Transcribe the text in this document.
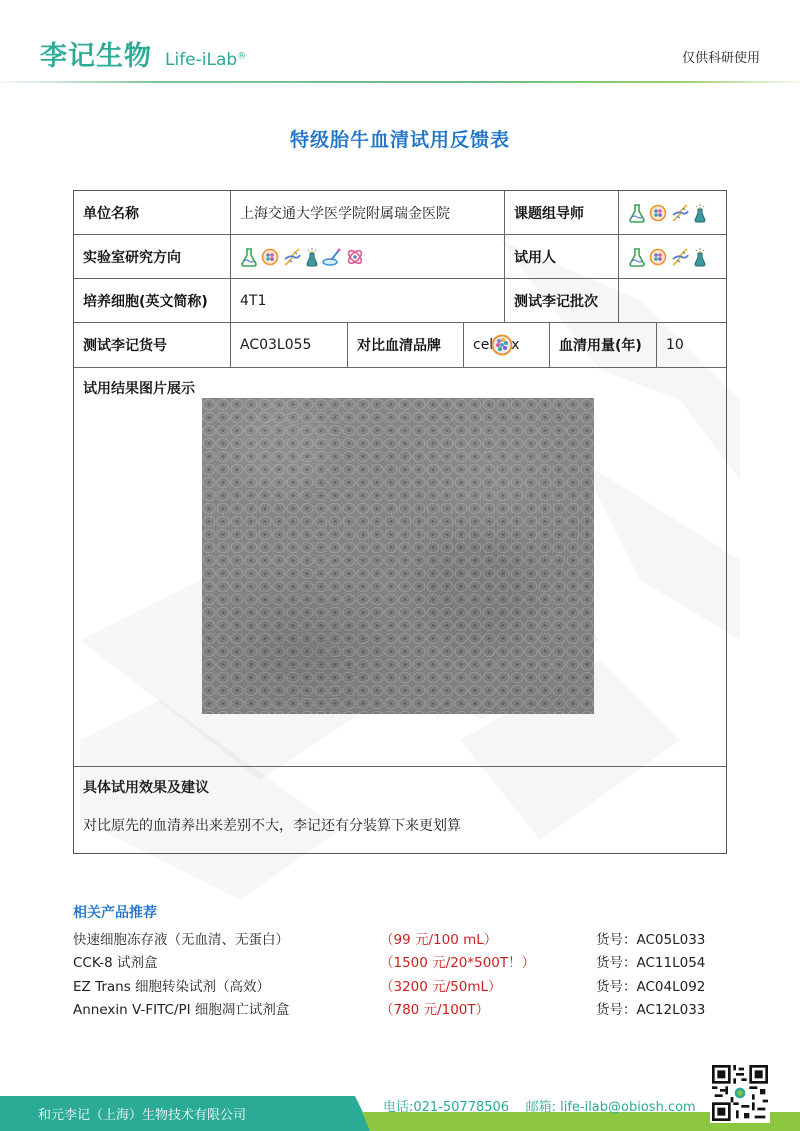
李记生物 Life-iLab®	仅供科研使用
特级胎牛血清试用反馈表
单位名称	上海交通大学医学院附属瑞金医院	课题组导师
实验室研究方向	试用人
培养细胞(英文简称)	4T1	测试李记批次
测试李记货号	AC03L055	对比血清品牌	cel x	血清用量(年)	10
试用结果图片展示
具体试用效果及建议
对比原先的血清养出来差别不大，李记还有分装算下来更划算
相关产品推荐
快速细胞冻存液（无血清、无蛋白）	（99 元/100 mL）	货号：AC05L033
CCK-8 试剂盒	（1500 元/20*500T！）	货号：AC11L054
EZ Trans 细胞转染试剂（高效）	（3200 元/50mL）	货号：AC04L092
Annexin V-FITC/PI 细胞凋亡试剂盒	（780 元/100T）	货号：AC12L033
和元李记（上海）生物技术有限公司
电话:021-50778506    邮箱: life-ilab@obiosh.com
